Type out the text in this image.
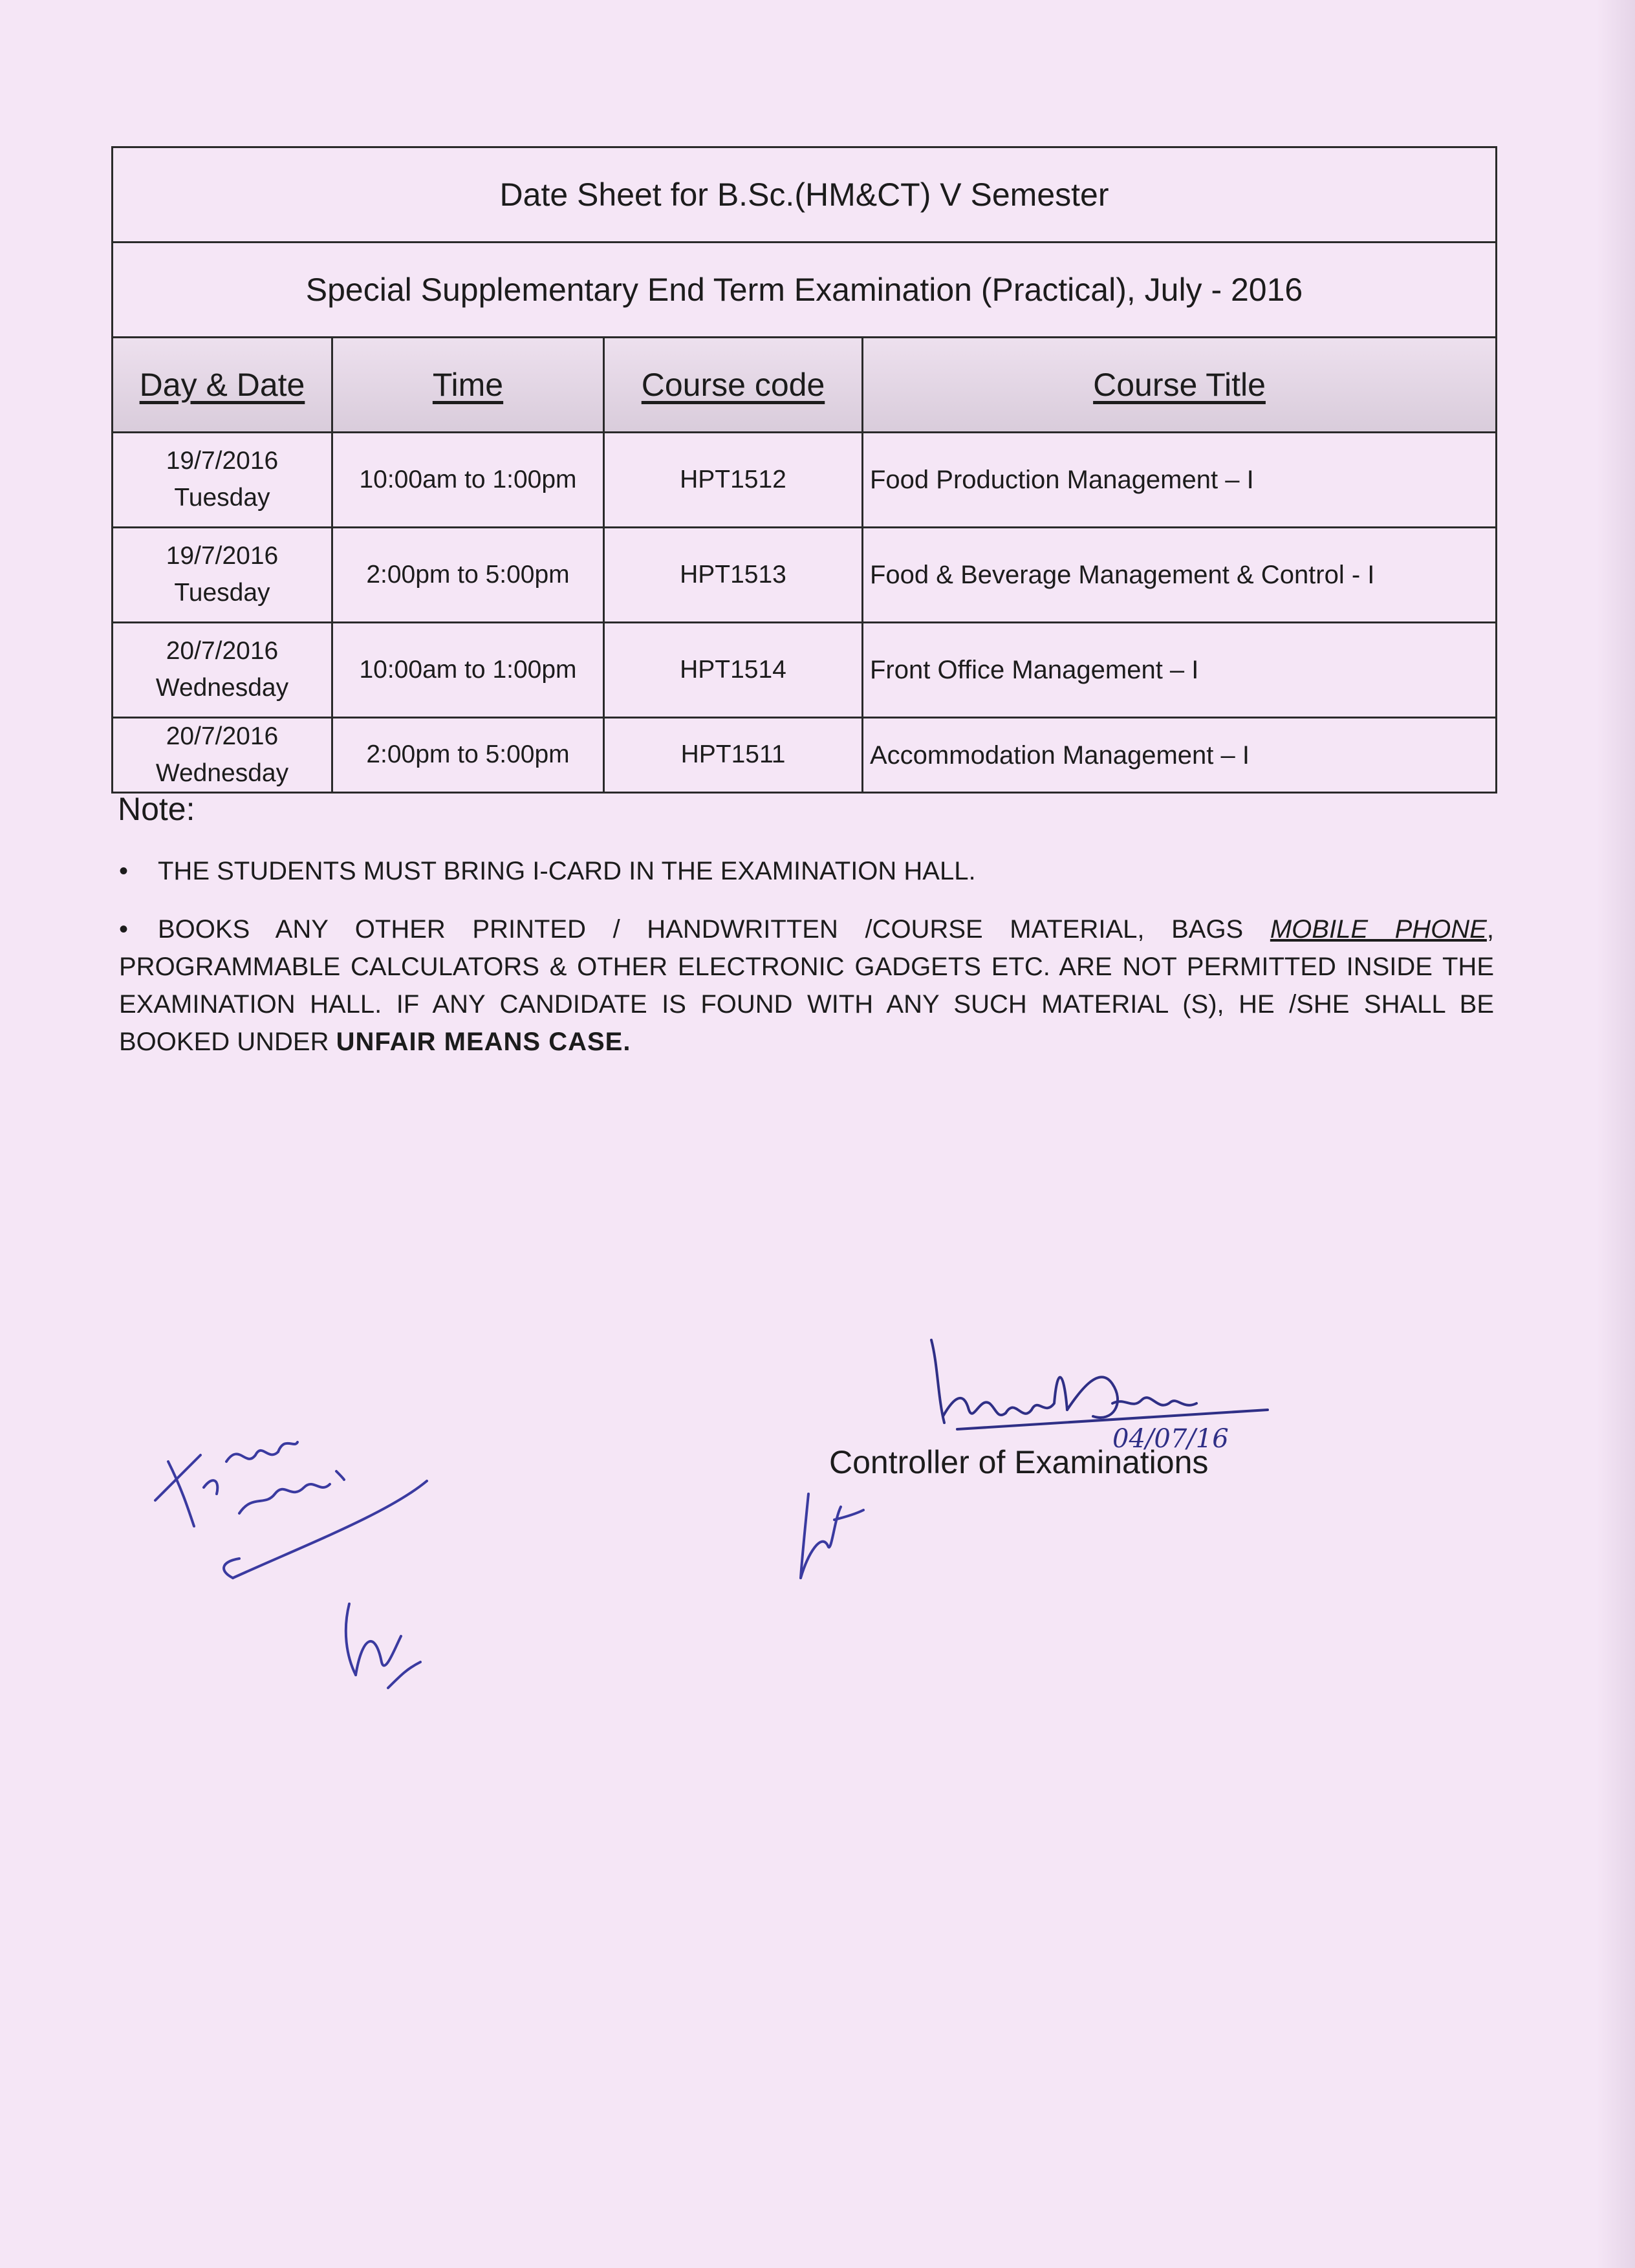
Date Sheet for B.Sc.(HM&CT) V Semester			
Special Supplementary End Term Examination (Practical), July - 2016			
Day & Date	Time	Course code	Course Title
19/7/2016
Tuesday	10:00am to 1:00pm	HPT1512	Food Production Management – I
19/7/2016
Tuesday	2:00pm to 5:00pm	HPT1513	Food & Beverage Management & Control - I
20/7/2016
Wednesday	10:00am to 1:00pm	HPT1514	Front Office Management – I
20/7/2016
Wednesday	2:00pm to 5:00pm	HPT1511	Accommodation Management – I
Note:
• THE STUDENTS MUST BRING I-CARD IN THE EXAMINATION HALL.
• BOOKS ANY OTHER PRINTED / HANDWRITTEN /COURSE MATERIAL, BAGS MOBILE PHONE, PROGRAMMABLE CALCULATORS & OTHER ELECTRONIC GADGETS ETC. ARE NOT PERMITTED INSIDE THE EXAMINATION HALL. IF ANY CANDIDATE IS FOUND WITH ANY SUCH MATERIAL (S), HE /SHE SHALL BE BOOKED UNDER UNFAIR MEANS CASE.
04/07/16
Controller of Examinations
